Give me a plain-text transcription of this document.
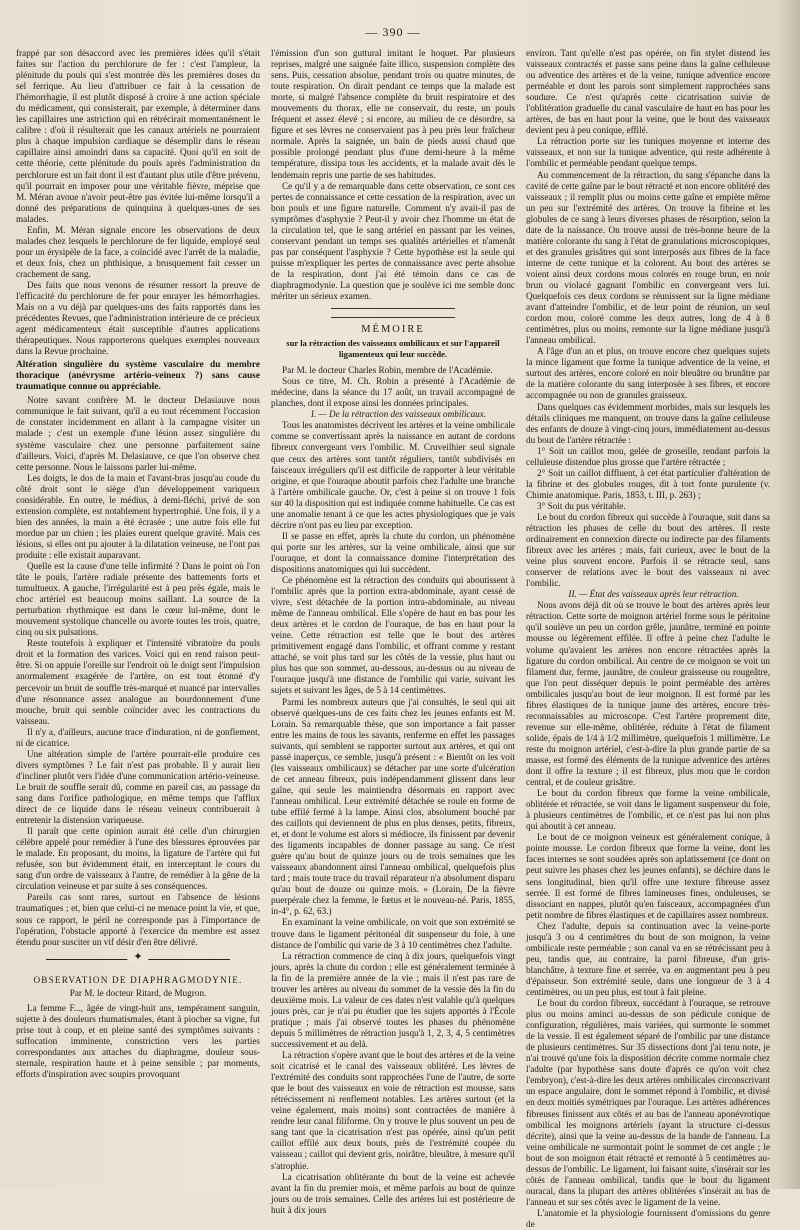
— 390 —

frappé par son désaccord avec les premières idées qu'il s'était faites sur l'action du perchlorure de fer : c'est l'ampleur, la plénitude du pouls qui s'est montrée dès les premières doses du sel ferrique. Au lieu d'attribuer ce fait à la cessation de l'hémorrhagie, il est plutôt disposé à croire à une action spéciale du médicament, qui consisterait, par exemple, à déterminer dans les capillaires une astriction qui en rétrécirait momentanément le calibre : d'où il résulterait que les canaux artériels ne pourraient plus à chaque impulsion cardiaque se désemplir dans le réseau capillaire ainsi amoindri dans sa capacité. Quoi qu'il en soit de cette théorie, cette plénitude du pouls après l'administration du perchlorure est un fait dont il est d'autant plus utile d'être prévenu, qu'il pourrait en imposer pour une véritable fièvre, méprise que M. Méran avoue n'avoir peut-être pas évitée lui-même lorsqu'il a donné des préparations de quinquina à quelques-unes de ses malades.

Enfin, M. Méran signale encore les observations de deux malades chez lesquels le perchlorure de fer liquide, employé seul pour un érysipèle de la face, a coïncidé avec l'arrêt de la maladie, et deux fois, chez un phthisique, a brusquement fait cesser un crachement de sang.

Des faits que nous venons de résumer ressort la preuve de l'efficacité du perchlorure de fer pour enrayer les hémorrhagies. Mais on a vu déjà par quelques-uns des faits rapportés dans les précédentes Revues, que l'administration intérieure de ce précieux agent médicamenteux était susceptible d'autres applications thérapeutiques. Nous rapporterons quelques exemples nouveaux dans la Revue prochaine.

Altération singulière du système vasculaire du membre thoracique (anévrysme artério-veineux ?) sans cause traumatique connue ou appréciable.

Notre savant confrère M. le docteur Delasiauve nous communique le fait suivant, qu'il a eu tout récemment l'occasion de constater incidemment en allant à la campagne visiter un malade ; c'est un exemple d'une lésion assez singulière du système vasculaire chez une personne parfaitement saine d'ailleurs. Voici, d'après M. Delasiauve, ce que l'on observe chez cette personne. Nous le laissons parler lui-même.

Les doigts, le dos de la main et l'avant-bras jusqu'au coude du côté droit sont le siège d'un développement variqueux considérable. En outre, le médius, à demi-fléchi, privé de son extension complète, est notablement hypertrophié. Une fois, il y a bien des années, la main a été écrasée ; une autre fois elle fut mordue par un chien ; les plaies eurent quelque gravité. Mais ces lésions, si elles ont pu ajouter à la dilatation veineuse, ne l'ont pas produite : elle existait auparavant.

Quelle est la cause d'une telle infirmité ? Dans le point où l'on tâte le pouls, l'artère radiale présente des battements forts et tumultueux. A gauche, l'irrégularité est à peu près égale, mais le choc artériel est beaucoup moins saillant. La source de la perturbation rhythmique est dans le cœur lui-même, dont le mouvement systolique chancelle ou avorte toutes les trois, quatre, cinq ou six pulsations.

Reste toutefois à expliquer et l'intensité vibratoire du pouls droit et la formation des varices. Voici qui en rend raison peut-être. Si on appuie l'oreille sur l'endroit où le doigt sent l'impulsion anormalement exagérée de l'artère, on est tout étonné d'y percevoir un bruit de souffle très-marqué et nuancé par intervalles d'une résonnance assez analogue au bourdonnement d'une mouche, bruit qui semble coïncider avec les contractions du vaisseau.

Il n'y a, d'ailleurs, aucune trace d'induration, ni de gonflement, ni de cicatrice.

Une altération simple de l'artère pourrait-elle produire ces divers symptômes ? Le fait n'est pas probable. Il y aurait lieu d'incliner plutôt vers l'idée d'une communication artério-veineuse. Le bruit de souffle serait dû, comme en pareil cas, au passage du sang dans l'orifice pathologique, en même temps que l'afflux direct de ce liquide dans le réseau veineux contribuerait à entretenir la distension variqueuse.

Il paraît que cette opinion aurait été celle d'un chirurgien célèbre appelé pour remédier à l'une des blessures éprouvées par le malade. En proposant, du moins, la ligature de l'artère qui fut refusée, son but évidemment était, en interceptant le cours du sang d'un ordre de vaisseaux à l'autre, de remédier à la gêne de la circulation veineuse et par suite à ses conséquences.

Pareils cas sont rares, surtout en l'absence de lésions traumatiques ; et, bien que celui-ci ne menace point la vie, et que, sous ce rapport, le péril ne corresponde pas à l'importance de l'opération, l'obstacle apporté à l'exercice du membre est assez étendu pour susciter un vif désir d'en être délivré.

✦
OBSERVATION DE DIAPHRAGMODYNIE.
Par M. le docteur Ritard, de Mugron.

La femme F..., âgée de vingt-huit ans, tempérament sanguin, sujette à des douleurs rhumatismales, étant à piocher sa vigne, fut prise tout à coup, et en pleine santé des symptômes suivants : suffocation imminente, constriction vers les parties correspondantes aux attaches du diaphragme, douleur sous-sternale, respiration haute et à peine sensible ; par moments, efforts d'inspiration avec soupirs provoquant

l'émission d'un son guttural imitant le hoquet. Par plusieurs reprises, malgré une saignée faite illico, suspension complète des sens. Puis, cessation absolue, pendant trois ou quatre minutes, de toute respiration. On dirait pendant ce temps que la malade est morte, si malgré l'absence complète du bruit respiratoire et des mouvements du thorax, elle ne conservait, du reste, un pouls fréquent et assez élevé ; si encore, au milieu de ce désordre, sa figure et ses lèvres ne conservaient pas à peu près leur fraîcheur normale. Après la saignée, un bain de pieds aussi chaud que possible prolongé pendant plus d'une demi-heure à la même température, dissipa tous les accidents, et la malade avait dès le lendemain repris une partie de ses habitudes.

Ce qu'il y a de remarquable dans cette observation, ce sont ces pertes de connaissance et cette cessation de la respiration, avec un bon pouls et une figure naturelle. Comment n'y avait-il pas de symptômes d'asphyxie ? Peut-il y avoir chez l'homme un état de la circulation tel, que le sang artériel en passant par les veines, conservant pendant un temps ses qualités artérielles et n'amenât pas par conséquent l'asphyxie ? Cette hypothèse est la seule qui puisse m'expliquer les pertes de connaissance avec perte absolue de la respiration, dont j'ai été témoin dans ce cas de diaphragmodynie. La question que je soulève ici me semble donc mériter un sérieux examen.

MÉMOIRE
sur la rétraction des vaisseaux ombilicaux et sur l'appareil ligamenteux qui leur succède.

Par M. le docteur Charles Robin, membre de l'Académie.

Sous ce titre, M. Ch. Robin a présenté à l'Académie de médecine, dans la séance du 17 août, un travail accompagné de planches, dont il expose ainsi les données principales.

I. — De la rétraction des vaisseaux ombilicaux.

Tous les anatomistes décrivent les artères et la veine ombilicale comme se convertissant après la naissance en autant de cordons fibreux convergeant vers l'ombilic. M. Cruveilhier seul signale que ceux des artères sont tantôt réguliers, tantôt subdivisés en faisceaux irréguliers qu'il est difficile de rapporter à leur véritable origine, et que l'ouraque aboutit parfois chez l'adulte une branche à l'artère ombilicale gauche. Or, c'est à peine si on trouve 1 fois sur 40 la disposition qui est indiquée comme habituelle. Ce cas est une anomalie tenant à ce que les actes physiologiques que je vais décrire n'ont pas eu lieu par exception.

Il se passe en effet, après la chute du cordon, un phénomène qui porte sur les artères, sur la veine ombilicale, ainsi que sur l'ouraque, et dont la connaissance domine l'interprétation des dispositions anatomiques qui lui succèdent.

Ce phénomène est la rétraction des conduits qui aboutissent à l'ombilic après que la portion extra-abdominale, ayant cessé de vivre, s'est détachée de la portion intra-abdominale, au niveau même de l'anneau ombilical. Elle s'opère de haut en bas pour les deux artères et le cordon de l'ouraque, de bas en haut pour la veine. Cette rétraction est telle que le bout des artères primitivement engagé dans l'ombilic, et offrant comme y restant attaché, se voit plus tard sur les côtés de la vessie, plus haut ou plus bas que son sommet, au-dessous, au-dessus ou au niveau de l'ouraque jusqu'à une distance de l'ombilic qui varie, suivant les sujets et suivant les âges, de 5 à 14 centimètres.

Parmi les nombreux auteurs que j'ai consultés, le seul qui ait observé quelques-uns de ces faits chez les jeunes enfants est M. Lorain. Sa remarquable thèse, que son importance a fait passer entre les mains de tous les savants, renferme en effet les passages suivants, qui semblent se rapporter surtout aux artères, et qui ont passé inaperçus, ce semble, jusqu'à présent : « Bientôt on les voit (les vaisseaux ombilicaux) se détacher par une sorte d'ulcération de cet anneau fibreux, puis indépendamment glissent dans leur gaîne, qui seule les maintiendra désormais en rapport avec l'anneau ombilical. Leur extrémité détachée se roule en forme de tube effilé fermé à la lampe. Ainsi clos, absolument bouché par des caillots qui deviennent de plus en plus denses, petits, fibreux, et, et dont le volume est alors si médiocre, ils finissent par devenir des ligaments incapables de donner passage au sang. Ce n'est guère qu'au bout de quinze jours ou de trois semaines que les vaisseaux abandonnent ainsi l'anneau ombilical, quelquefois plus tard ; mais toute trace du travail réparateur n'a absolument disparu qu'au bout de douze ou quinze mois. » (Lorain, De la fièvre puerpérale chez la femme, le fœtus et le nouveau-né. Paris, 1855, in-4°, p. 62, 63.)

En examinant la veine ombilicale, on voit que son extrémité se trouve dans le ligament péritonéal dit suspenseur du foie, à une distance de l'ombilic qui varie de 3 à 10 centimètres chez l'adulte.

La rétraction commence de cinq à dix jours, quelquefois vingt jours, après la chute du cordon ; elle est généralement terminée à la fin de la première année de la vie ; mais il n'est pas rare de trouver les artères au niveau du sommet de la vessie dès la fin du deuxième mois. La valeur de ces dates n'est valable qu'à quelques jours près, car je n'ai pu étudier que les sujets apportés à l'École pratique ; mais j'ai observé toutes les phases du phénomène depuis 5 millimètres de rétraction jusqu'à 1, 2, 3, 4, 5 centimètres successivement et au delà.

La rétraction s'opère avant que le bout des artères et de la veine soit cicatrisé et le canal des vaisseaux oblitéré. Les lèvres de l'extrémité des conduits sont rapprochées l'une de l'autre, de sorte que le bout des vaisseaux en voie de rétraction est mousse, sans rétrécissement ni renflement notables. Les artères surtout (et la veine également, mais moins) sont contractées de manière à rendre leur canal filiforme. On y trouve le plus souvent un peu de sang tant que la cicatrisation n'est pas opérée, ainsi qu'un petit caillot effilé aux deux bouts, près de l'extrémité coupée du vaisseau ; caillot qui devient gris, noirâtre, bleuâtre, à mesure qu'il s'atrophie.

La cicatrisation oblitérante du bout de la veine est achevée avant la fin du premier mois, et même parfois au bout de quinze jours ou de trois semaines. Celle des artères lui est postérieure de huit à dix jours

environ. Tant qu'elle n'est pas opérée, on fin stylet distend les vaisseaux contractés et passe sans peine dans la gaîne celluleuse ou adventice des artères et de la veine, tunique adventice encore perméable et dont les parois sont simplement rapprochées sans soudure. Ce n'est qu'après cette cicatrisation suivie de l'oblitération graduelle du canal vasculaire de haut en bas pour les artères, de bas en haut pour la veine, que le bout des vaisseaux devient peu à peu conique, effilé.

La rétraction porte sur les tuniques moyenne et interne des vaisseaux, et non sur la tunique adventice, qui reste adhérente à l'ombilic et perméable pendant quelque temps.

Au commencement de la rétraction, du sang s'épanche dans la cavité de cette gaîne par le bout rétracté et non encore oblitéré des vaisseaux ; il remplit plus ou moins cette gaîne et empiète même un peu sur l'extrémité des artères. On trouve la fibrine et les globules de ce sang à leurs diverses phases de résorption, selon la date de la naissance. On trouve aussi de très-bonne heure de la matière colorante du sang à l'état de granulations microscopiques, et des granules grisâtres qui sont interposés aux fibres de la face interne de cette tunique et la colorent. Au bout des artères se voient ainsi deux cordons mous colorés en rouge brun, en noir brun ou violacé gagnant l'ombilic en convergeant vers lui. Quelquefois ces deux cordons se réunissent sur la ligne médiane avant d'atteindre l'ombilic, et de leur point de réunion, un seul cordon mou, coloré comme les deux autres, long de 4 à 8 centimètres, plus ou moins, remonte sur la ligne médiane jusqu'à l'anneau ombilical.

A l'âge d'un an et plus, on trouve encore chez quelques sujets la mince ligament que forme la tunique adventice de la veine, et surtout des artères, encore coloré en noir bleuâtre ou brunâtre par de la matière colorante du sang interposée à ses fibres, et encore accompagnée ou non de granules graisseux.

Dans quelques cas évidemment morbides, mais sur lesquels les détails cliniques me manquent, on trouve dans la gaîne celluleuse des enfants de douze à vingt-cinq jours, immédiatement au-dessus du bout de l'artère rétractée :

1° Soit un caillot mou, gelée de groseille, rendant parfois la celluleuse distendue plus grosse que l'artère rétractée ;

2° Soit un caillot diffluent, à cet état particulier d'altération de la fibrine et des globules rouges, dit à tort fonte purulente (v. Chimie anatomique. Paris, 1853, t. III, p. 263) ;

3° Soit du pus véritable.

Le bout du cordon fibreux qui succède à l'ouraque, suit dans sa rétraction les phases de celle du bout des artères. Il reste ordinairement en connexion directe ou indirecte par des filaments fibreux avec les artères ; mais, fait curieux, avec le bout de la veine plus souvent encore. Parfois il se rétracte seul, sans conserver de relations avec le bout des vaisseaux ni avec l'ombilic.

II. — État des vaisseaux après leur rétraction.

Nous avons déjà dit où se trouve le bout des artères après leur rétraction. Cette sorte de moignon artériel forme sous le péritoine qu'il soulève un peu un cordon grêle, jaunâtre, terminé en pointe mousse ou légèrement effilée. Il offre à peine chez l'adulte le volume qu'avaient les artères non encore rétractées après la ligature du cordon ombilical. Au centre de ce moignon se voit un filament dur, ferme, jaunâtre, de couleur graisseuse ou rougeâtre, que l'on peut disséquer depuis le point perméable des artères ombilicales jusqu'au bout de leur moignon. Il est formé par les fibres élastiques de la tunique jaune des artères, encore très-reconnaissables au microscope. C'est l'artère proprement dite, revenue sur elle-même, oblitérée, réduite à l'état de filament solide, épais de 1/4 à 1/2 millimètre, quelquefois 1 millimètre. Le reste du moignon artériel, c'est-à-dire la plus grande partie de sa masse, est formé des éléments de la tunique adventice des artères dont il offre la texture ; il est fibreux, plus mou que le cordon central, et de couleur grisâtre.

Le bout du cordon fibreux que forme la veine ombilicale, oblitérée et rétractée, se voit dans le ligament suspenseur du foie, à plusieurs centimètres de l'ombilic, et ce n'est pas lui non plus qui aboutit à cet anneau.

Le bout de ce moignon veineux est généralement conique, à pointe mousse. Le cordon fibreux que forme la veine, dont les faces internes se sont soudées après son aplatissement (ce dont on peut suivre les phases chez les jeunes enfants), se déchire dans le sens longitudinal, bien qu'il offre une texture fibreuse assez serrée. Il est formé de fibres lamineuses fines, onduleuses, se dissociant en nappes, plutôt qu'en faisceaux, accompagnées d'un petit nombre de fibres élastiques et de capillaires assez nombreux.

Chez l'adulte, depuis sa continuation avec la veine-porte jusqu'à 3 ou 4 centimètres du bout de son moignon, la veine ombilicale reste perméable ; son canal va en se rétrécissant peu à peu, tandis que, au contraire, la paroi fibreuse, d'un gris-blanchâtre, à texture fine et serrée, va en augmentant peu à peu d'épaisseur. Son extrémité seule, dans une longueur de 3 à 4 centimètres, ou un peu plus, est tout à fait pleine.

Le bout du cordon fibreux, succédant à l'ouraque, se retrouve plus ou moins aminci au-dessus de son pédicule conique de configuration, régulières, mais variées, qui surmonte le sommet de la vessie. Il est également séparé de l'ombilic par une distance de plusieurs centimètres. Sur 35 dissections dont j'ai tenu note, je n'ai trouvé qu'une fois la disposition décrite comme normale chez l'adulte (par hypothèse sans doute d'après ce qu'on voit chez l'embryon), c'est-à-dire les deux artères ombilicales circonscrivant un espace angulaire, dont le sommet répond à l'ombilic, et divisé en deux moitiés symétriques par l'ouraque. Les artères adhérences fibreuses finissent aux côtés et au bas de l'anneau aponévrotique ombilical les moignons artériels (ayant la structure ci-dessus décrite), ainsi que la veine au-dessus de la bande de l'anneau. La veine ombilicale ne surmontait point le sommet de cet angle ; le bout de son moignon était rétracté et remonté à 5 centimètres au-dessus de l'ombilic. Le ligament, lui faisant suite, s'insérait sur les côtés de l'anneau ombilical, tandis que le bout du ligament ouracal, dans la plupart des artères oblitérées s'insérait au bas de l'anneau et sur ses côtés avec le ligament de la veine.

L'anatomie et la physiologie fournissent d'omissions du genre de
